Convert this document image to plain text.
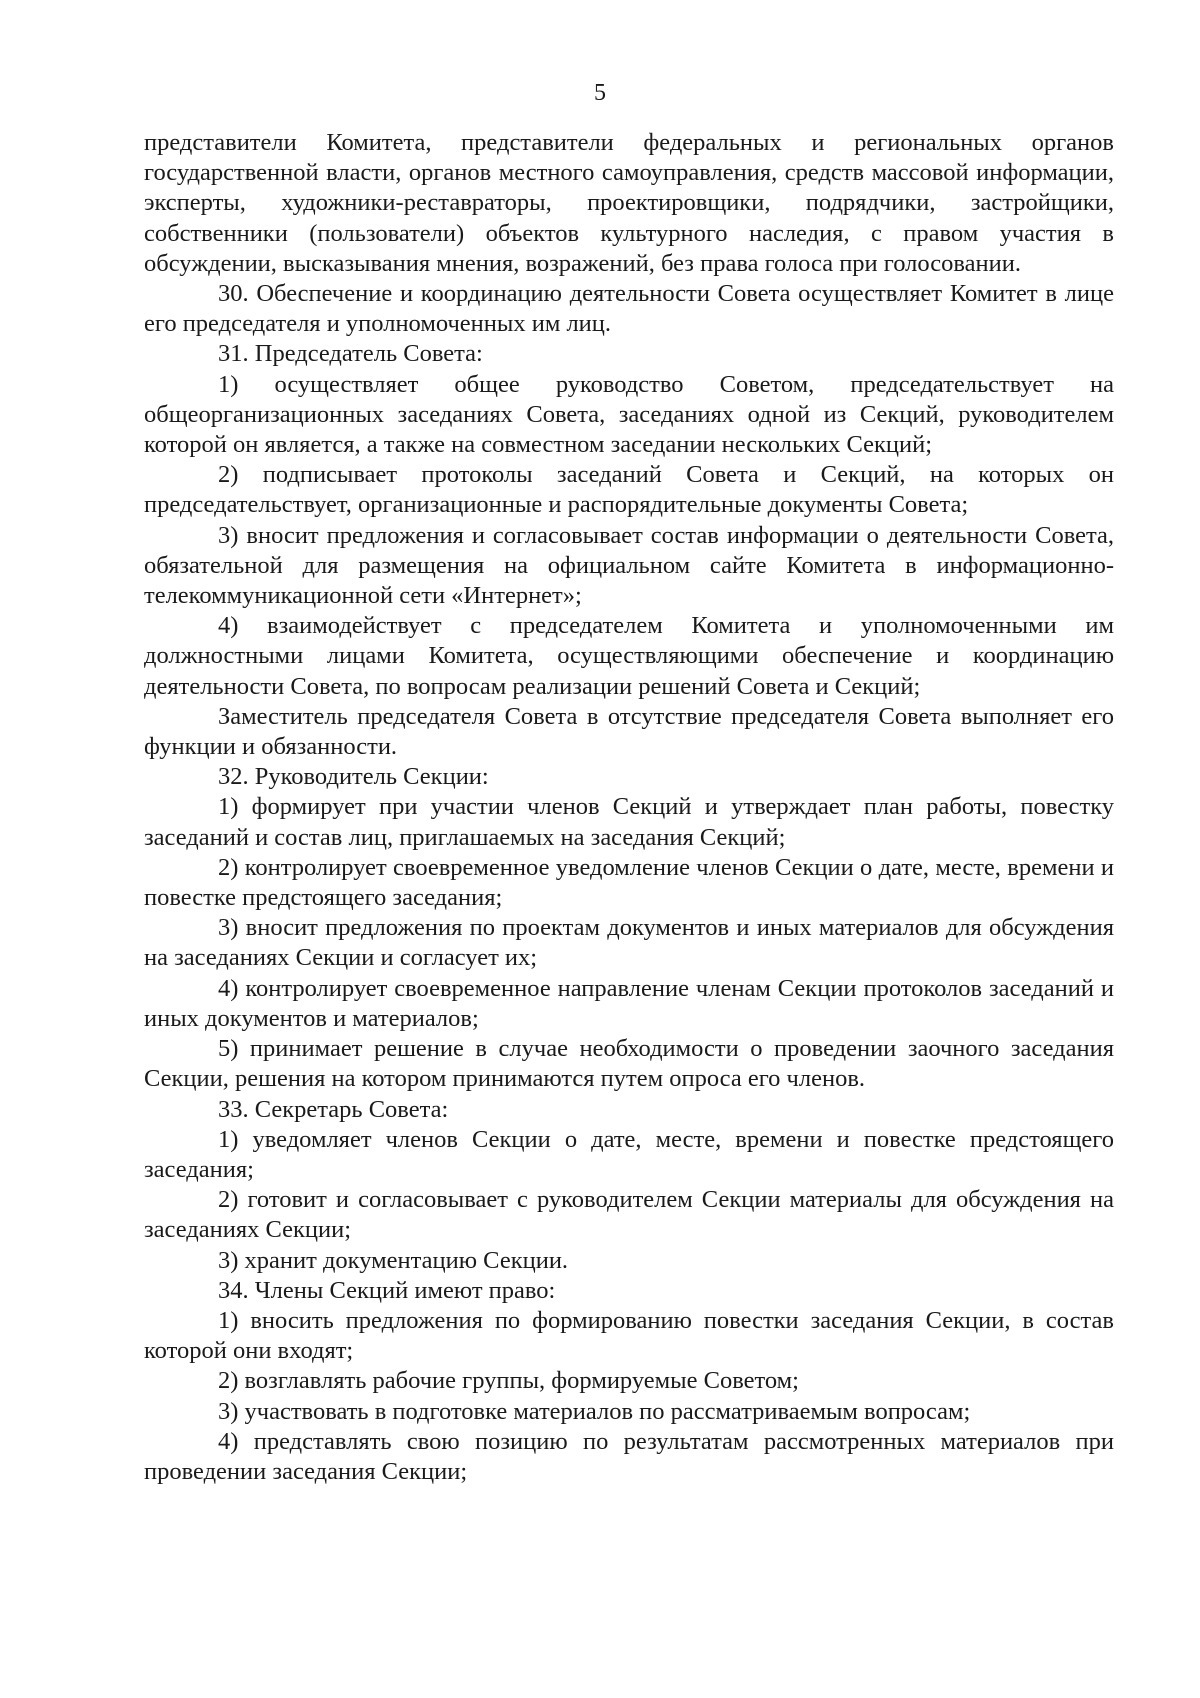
5

представители Комитета, представители федеральных и региональных органов государственной власти, органов местного самоуправления, средств массовой информации, эксперты, художники-реставраторы, проектировщики, подрядчики, застройщики, собственники (пользователи) объектов культурного наследия, с правом участия в обсуждении, высказывания мнения, возражений, без права голоса при голосовании.

30. Обеспечение и координацию деятельности Совета осуществляет Комитет в лице его председателя и уполномоченных им лиц.

31. Председатель Совета:

1) осуществляет общее руководство Советом, председательствует на общеорганизационных заседаниях Совета, заседаниях одной из Секций, руководителем которой он является, а также на совместном заседании нескольких Секций;

2) подписывает протоколы заседаний Совета и Секций, на которых он председательствует, организационные и распорядительные документы Совета;

3) вносит предложения и согласовывает состав информации о деятельности Совета, обязательной для размещения на официальном сайте Комитета в информационно-телекоммуникационной сети «Интернет»;

4) взаимодействует с председателем Комитета и уполномоченными им должностными лицами Комитета, осуществляющими обеспечение и координацию деятельности Совета, по вопросам реализации решений Совета и Секций;

Заместитель председателя Совета в отсутствие председателя Совета выполняет его функции и обязанности.

32. Руководитель Секции:

1) формирует при участии членов Секций и утверждает план работы, повестку заседаний и состав лиц, приглашаемых на заседания Секций;

2) контролирует своевременное уведомление членов Секции о дате, месте, времени и повестке предстоящего заседания;

3) вносит предложения по проектам документов и иных материалов для обсуждения на заседаниях Секции и согласует их;

4) контролирует своевременное направление членам Секции протоколов заседаний и иных документов и материалов;

5) принимает решение в случае необходимости о проведении заочного заседания Секции, решения на котором принимаются путем опроса его членов.

33. Секретарь Совета:

1) уведомляет членов Секции о дате, месте, времени и повестке предстоящего заседания;

2) готовит и согласовывает с руководителем Секции материалы для обсуждения на заседаниях Секции;

3) хранит документацию Секции.

34. Члены Секций имеют право:

1) вносить предложения по формированию повестки заседания Секции, в состав которой они входят;

2) возглавлять рабочие группы, формируемые Советом;

3) участвовать в подготовке материалов по рассматриваемым вопросам;

4) представлять свою позицию по результатам рассмотренных материалов при проведении заседания Секции;
